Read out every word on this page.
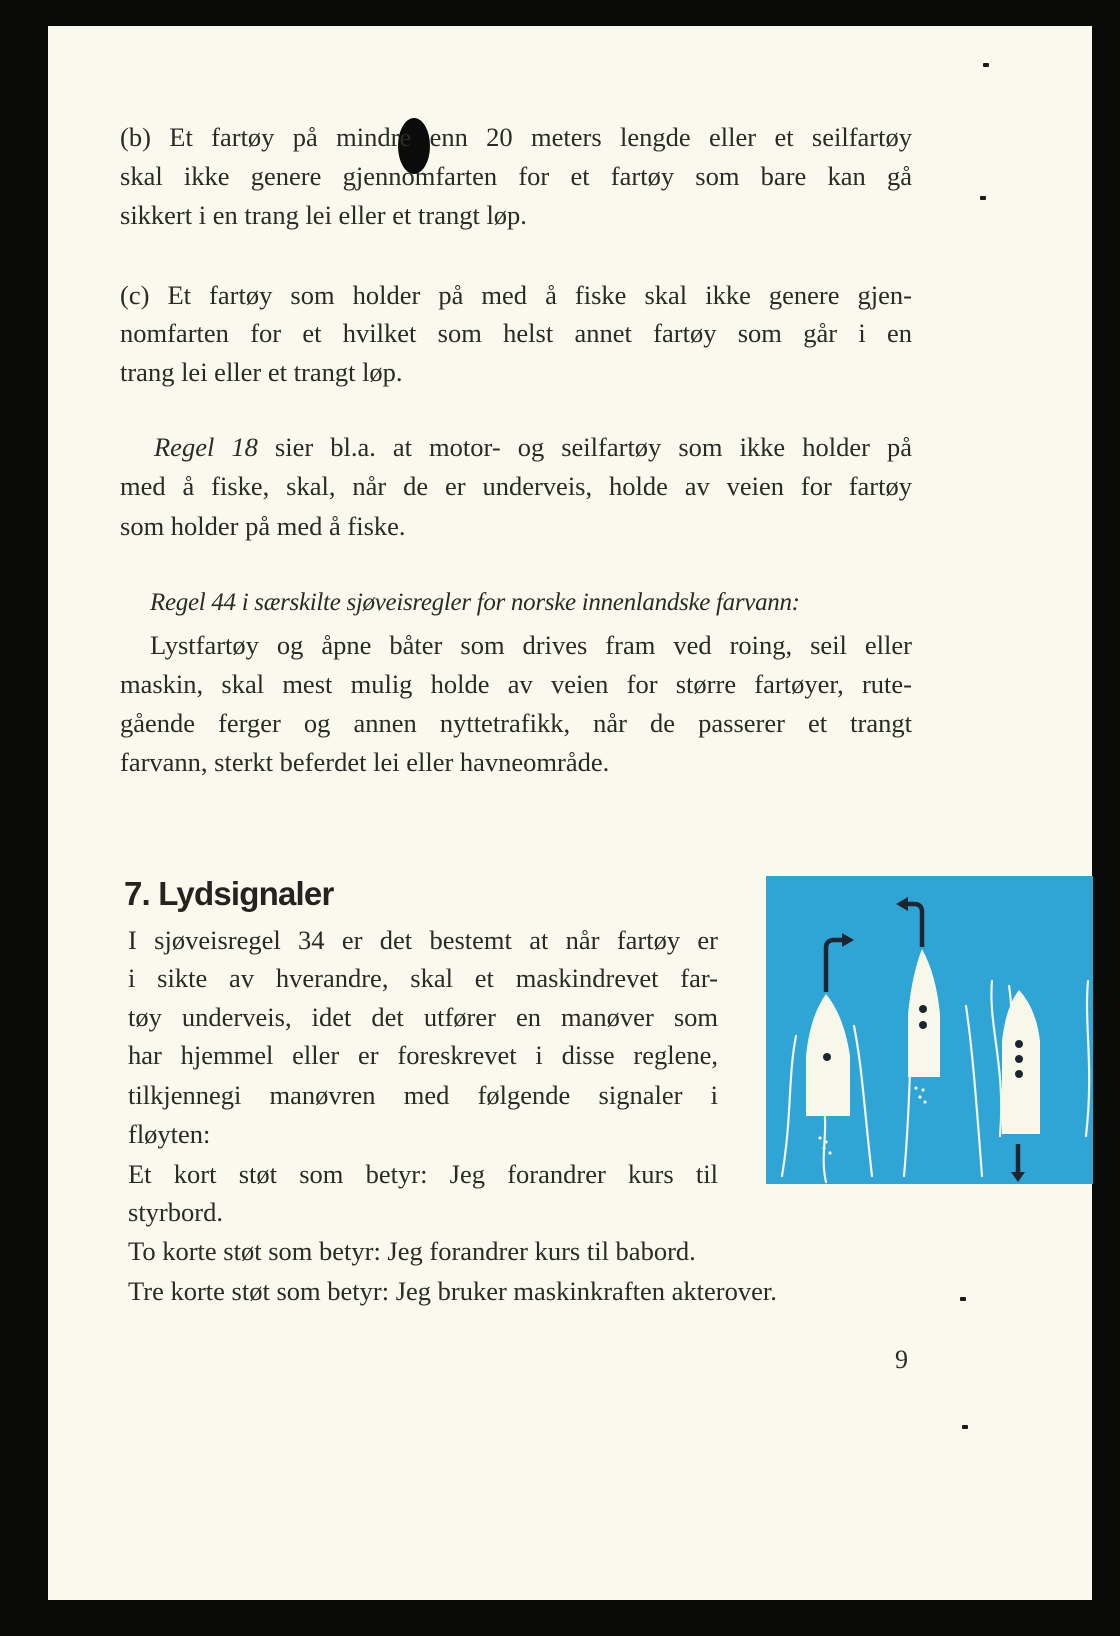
(b) Et fartøy på mindre enn 20 meters lengde eller et seilfartøy
skal ikke genere gjennomfarten for et fartøy som bare kan gå
sikkert i en trang lei eller et trangt løp.
(c) Et fartøy som holder på med å fiske skal ikke genere gjen-
nomfarten for et hvilket som helst annet fartøy som går i en
trang lei eller et trangt løp.
Regel 18 sier bl.a. at motor- og seilfartøy som ikke holder på
med å fiske, skal, når de er underveis, holde av veien for fartøy
som holder på med å fiske.
Regel 44 i særskilte sjøveisregler for norske innenlandske farvann:
Lystfartøy og åpne båter som drives fram ved roing, seil eller
maskin, skal mest mulig holde av veien for større fartøyer, rute-
gående ferger og annen nyttetrafikk, når de passerer et trangt
farvann, sterkt beferdet lei eller havneområde.
7. Lydsignaler
I sjøveisregel 34 er det bestemt at når fartøy er
i sikte av hverandre, skal et maskindrevet far-
tøy underveis, idet det utfører en manøver som
har hjemmel eller er foreskrevet i disse reglene,
tilkjennegi manøvren med følgende signaler i
fløyten:
Et kort støt som betyr: Jeg forandrer kurs til
styrbord.
To korte støt som betyr: Jeg forandrer kurs til babord.
Tre korte støt som betyr: Jeg bruker maskinkraften akterover.
9
